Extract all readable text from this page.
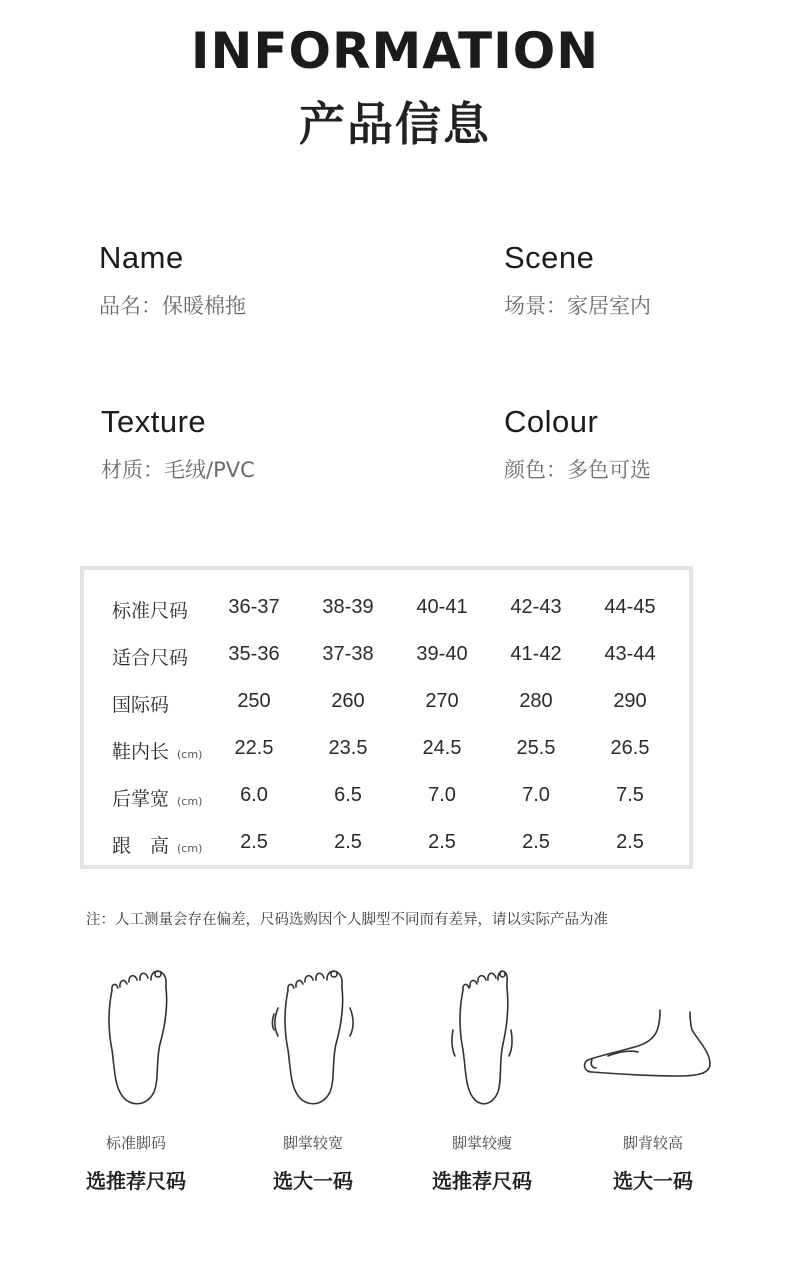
INFORMATION
产品信息
Name
品名：保暖棉拖
Scene
场景：家居室内
Texture
材质：毛绒/PVC
Colour
颜色：多色可选
标准尺码	36-37	38-39	40-41	42-43	44-45
适合尺码	35-36	37-38	39-40	41-42	43-44
国际码	250	260	270	280	290
鞋内长 (cm)	22.5	23.5	24.5	25.5	26.5
后掌宽 (cm)	6.0	6.5	7.0	7.0	7.5
跟　高 (cm)	2.5	2.5	2.5	2.5	2.5
注：人工测量会存在偏差，尺码选购因个人脚型不同而有差异，请以实际产品为准
标准脚码
选推荐尺码
脚掌较宽
选大一码
脚掌较瘦
选推荐尺码
脚背较高
选大一码
